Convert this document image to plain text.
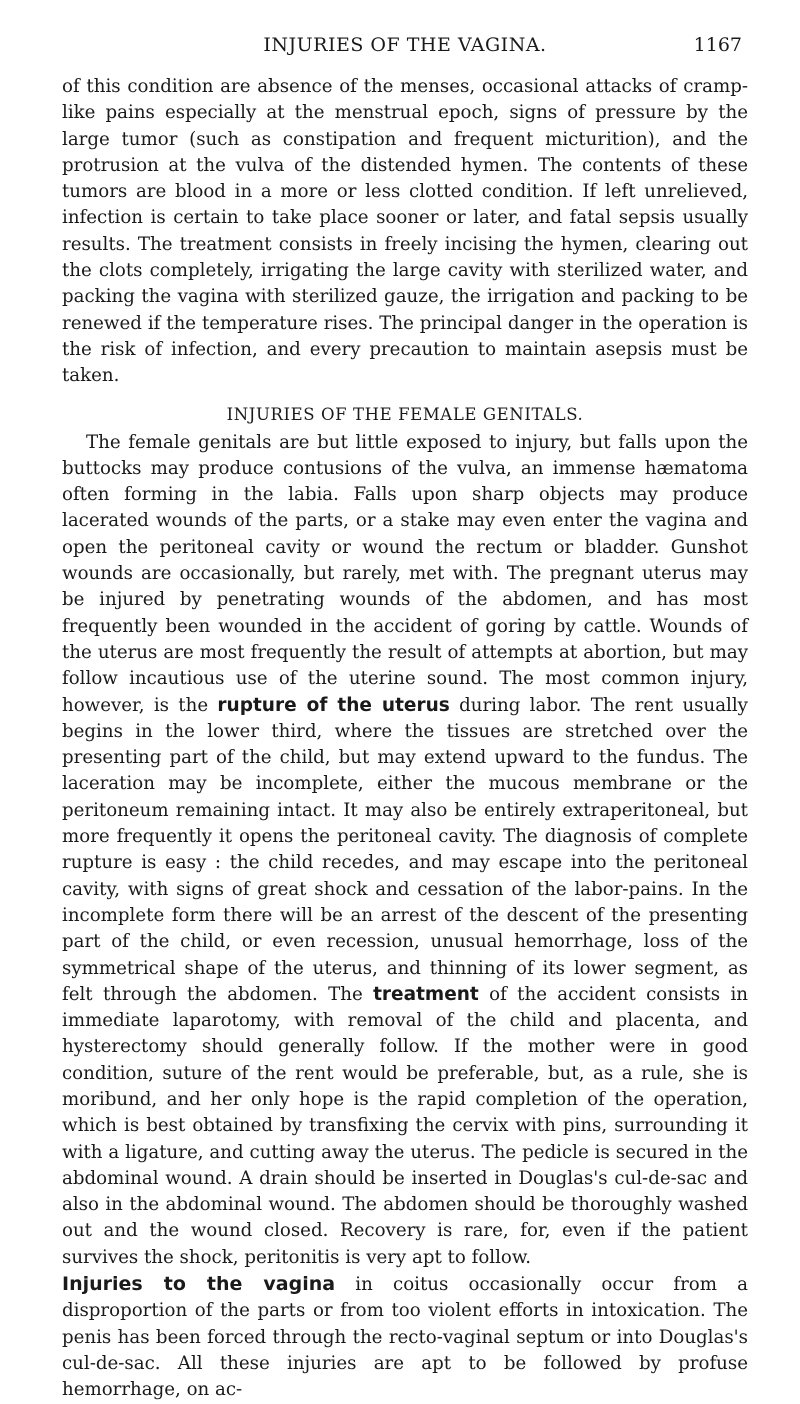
INJURIES OF THE VAGINA.	1167

of this condition are absence of the menses, occasional attacks of cramp-like pains especially at the menstrual epoch, signs of pressure by the large tumor (such as constipation and frequent micturition), and the protrusion at the vulva of the distended hymen. The contents of these tumors are blood in a more or less clotted condition. If left unrelieved, infection is certain to take place sooner or later, and fatal sepsis usually results. The treatment consists in freely incising the hymen, clearing out the clots completely, irrigating the large cavity with sterilized water, and packing the vagina with sterilized gauze, the irrigation and packing to be renewed if the temperature rises. The principal danger in the operation is the risk of infection, and every precaution to maintain asepsis must be taken.

INJURIES OF THE FEMALE GENITALS.

The female genitals are but little exposed to injury, but falls upon the buttocks may produce contusions of the vulva, an immense hæmatoma often forming in the labia. Falls upon sharp objects may produce lacerated wounds of the parts, or a stake may even enter the vagina and open the peritoneal cavity or wound the rectum or bladder. Gunshot wounds are occasionally, but rarely, met with. The pregnant uterus may be injured by penetrating wounds of the abdomen, and has most frequently been wounded in the accident of goring by cattle. Wounds of the uterus are most frequently the result of attempts at abortion, but may follow incautious use of the uterine sound. The most common injury, however, is the rupture of the uterus during labor. The rent usually begins in the lower third, where the tissues are stretched over the presenting part of the child, but may extend upward to the fundus. The laceration may be incomplete, either the mucous membrane or the peritoneum remaining intact. It may also be entirely extraperitoneal, but more frequently it opens the peritoneal cavity. The diagnosis of complete rupture is easy : the child recedes, and may escape into the peritoneal cavity, with signs of great shock and cessation of the labor-pains. In the incomplete form there will be an arrest of the descent of the presenting part of the child, or even recession, unusual hemorrhage, loss of the symmetrical shape of the uterus, and thinning of its lower segment, as felt through the abdomen. The treatment of the accident consists in immediate laparotomy, with removal of the child and placenta, and hysterectomy should generally follow. If the mother were in good condition, suture of the rent would be preferable, but, as a rule, she is moribund, and her only hope is the rapid completion of the operation, which is best obtained by transfixing the cervix with pins, surrounding it with a ligature, and cutting away the uterus. The pedicle is secured in the abdominal wound. A drain should be inserted in Douglas's cul-de-sac and also in the abdominal wound. The abdomen should be thoroughly washed out and the wound closed. Recovery is rare, for, even if the patient survives the shock, peritonitis is very apt to follow.

Injuries to the vagina in coitus occasionally occur from a disproportion of the parts or from too violent efforts in intoxication. The penis has been forced through the recto-vaginal septum or into Douglas's cul-de-sac. All these injuries are apt to be followed by profuse hemorrhage, on ac-
